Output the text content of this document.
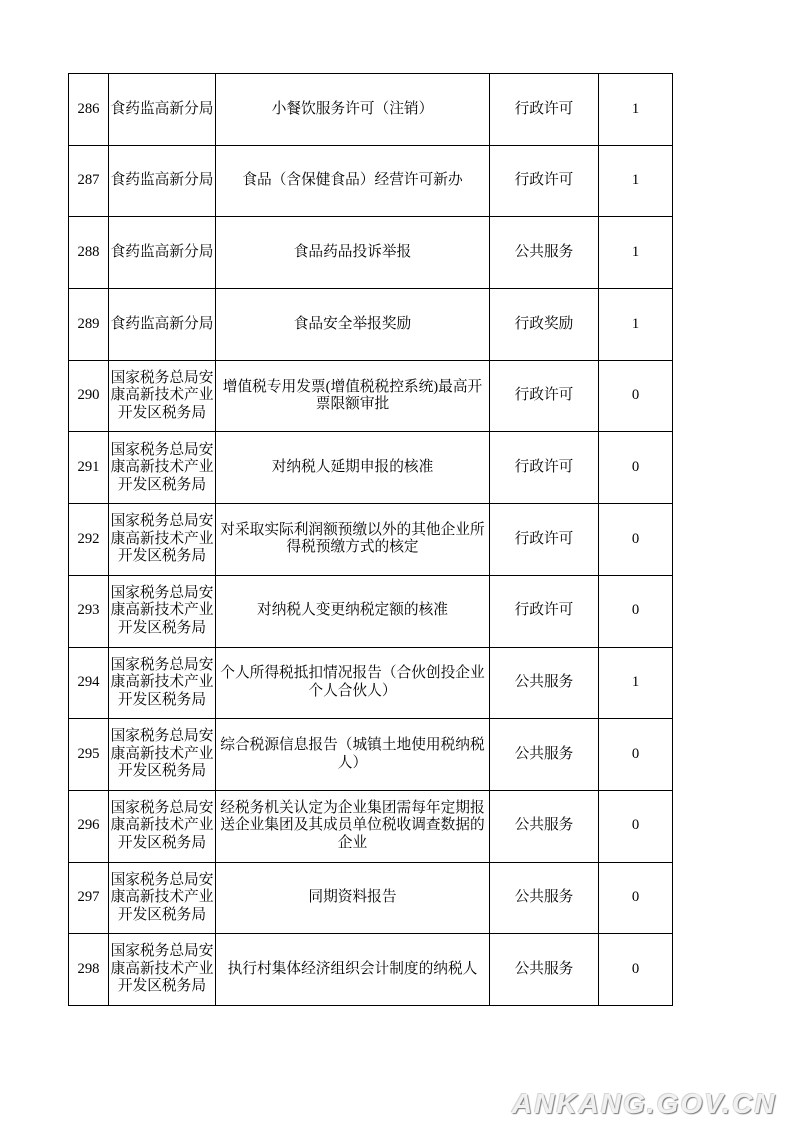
286	食药监高新分局	小餐饮服务许可（注销）	行政许可	1
287	食药监高新分局	食品（含保健食品）经营许可新办	行政许可	1
288	食药监高新分局	食品药品投诉举报	公共服务	1
289	食药监高新分局	食品安全举报奖励	行政奖励	1
290	国家税务总局安康高新技术产业开发区税务局	增值税专用发票(增值税税控系统)最高开票限额审批	行政许可	0
291	国家税务总局安康高新技术产业开发区税务局	对纳税人延期申报的核准	行政许可	0
292	国家税务总局安康高新技术产业开发区税务局	对采取实际利润额预缴以外的其他企业所得税预缴方式的核定	行政许可	0
293	国家税务总局安康高新技术产业开发区税务局	对纳税人变更纳税定额的核准	行政许可	0
294	国家税务总局安康高新技术产业开发区税务局	个人所得税抵扣情况报告（合伙创投企业个人合伙人）	公共服务	1
295	国家税务总局安康高新技术产业开发区税务局	综合税源信息报告（城镇土地使用税纳税人）	公共服务	0
296	国家税务总局安康高新技术产业开发区税务局	经税务机关认定为企业集团需每年定期报送企业集团及其成员单位税收调查数据的企业	公共服务	0
297	国家税务总局安康高新技术产业开发区税务局	同期资料报告	公共服务	0
298	国家税务总局安康高新技术产业开发区税务局	执行村集体经济组织会计制度的纳税人	公共服务	0
ANKANG.GOV.CN
